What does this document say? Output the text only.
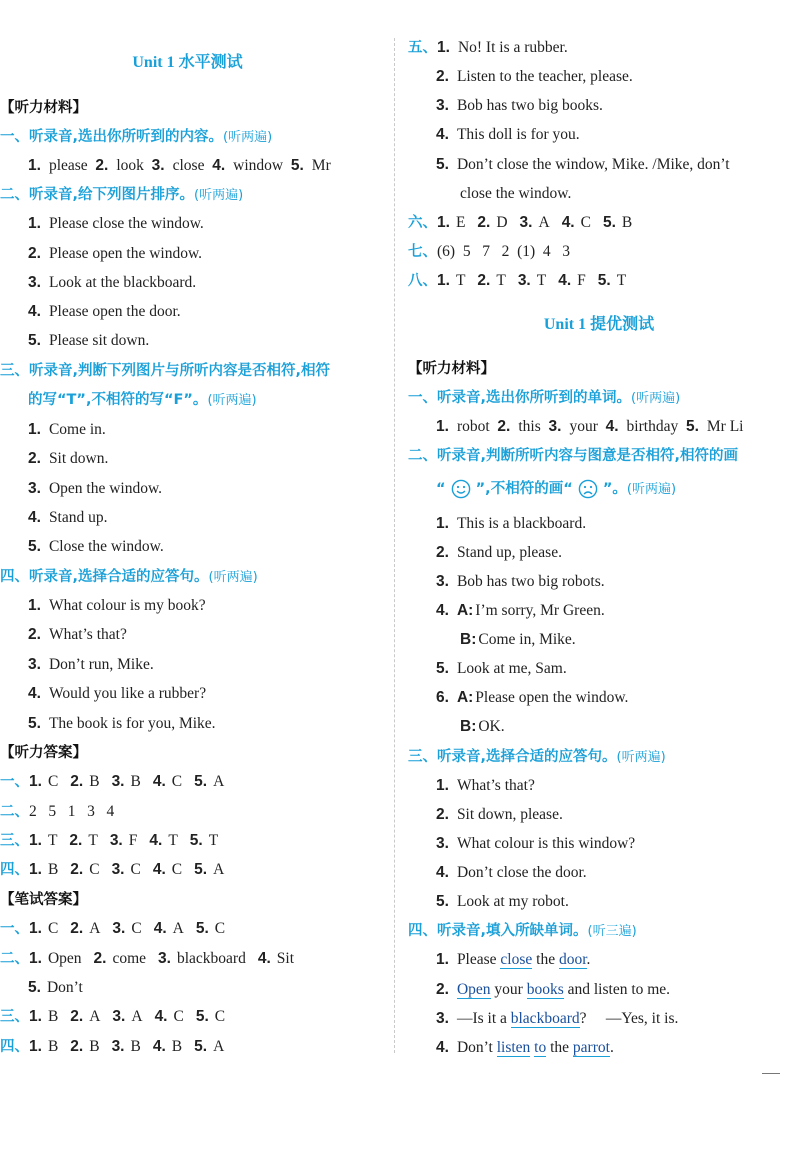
Unit 1 水平测试
【听力材料】
一、听录音,选出你所听到的内容。(听两遍)
1. please 2. look 3. close 4. window 5. Mr
二、听录音,给下列图片排序。(听两遍)
1. Please close the window.
2. Please open the window.
3. Look at the blackboard.
4. Please open the door.
5. Please sit down.
三、听录音,判断下列图片与所听内容是否相符,相符
的写“T”,不相符的写“F”。(听两遍)
1. Come in.
2. Sit down.
3. Open the window.
4. Stand up.
5. Close the window.
四、听录音,选择合适的应答句。(听两遍)
1. What colour is my book?
2. What’s that?
3. Don’t run, Mike.
4. Would you like a rubber?
5. The book is for you, Mike.
【听力答案】
一、1. C 2. B 3. B 4. C 5. A
二、2   5   1   3   4
三、1. T 2. T 3. F 4. T 5. T
四、1. B 2. C 3. C 4. C 5. A
【笔试答案】
一、1. C 2. A 3. C 4. A 5. C
二、1. Open 2. come 3. blackboard 4. Sit
5. Don’t
三、1. B 2. A 3. A 4. C 5. C
四、1. B 2. B 3. B 4. B 5. A
五、1. No! It is a rubber.
2. Listen to the teacher, please.
3. Bob has two big books.
4. This doll is for you.
5. Don’t close the window, Mike. /Mike, don’t
close the window.
六、1. E 2. D 3. A 4. C 5. B
七、(6)  5   7   2  (1)  4   3
八、1. T 2. T 3. T 4. F 5. T
Unit 1 提优测试
【听力材料】
一、听录音,选出你所听到的单词。(听两遍)
1. robot 2. this 3. your 4. birthday 5. Mr Li
二、听录音,判断所听内容与图意是否相符,相符的画
“ ”,不相符的画“ ”。(听两遍)
1. This is a blackboard.
2. Stand up, please.
3. Bob has two big robots.
4. A: I’m sorry, Mr Green.
B: Come in, Mike.
5. Look at me, Sam.
6. A: Please open the window.
B: OK.
三、听录音,选择合适的应答句。(听两遍)
1. What’s that?
2. Sit down, please.
3. What colour is this window?
4. Don’t close the door.
5. Look at my robot.
四、听录音,填入所缺单词。(听三遍)
1. Please close the door.
2. Open your books and listen to me.
3. —Is it a blackboard?     —Yes, it is.
4. Don’t listen to the parrot.
